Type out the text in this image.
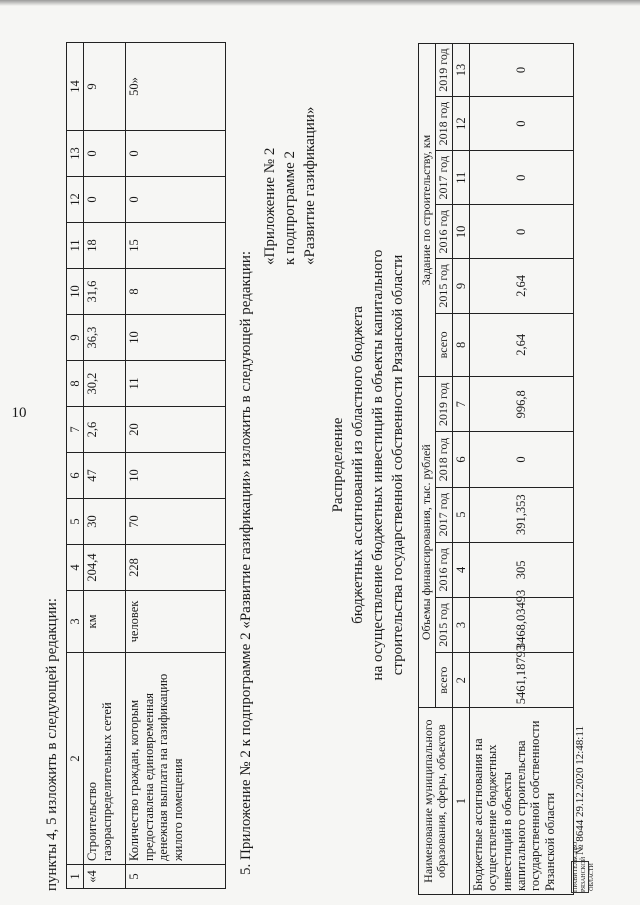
10
пункты 4, 5 изложить в следующей редакции: 1	2	3	4	5	6	7	8	9	10	11	12	13	14
«4	Строительство газораспределительных сетей	км	204,4	30	47	2,6	30,2	36,3	31,6	18	0	0	9
5	Количество граждан, которым предоставлена единовременная денежная выплата на газификацию жилого помещения	человек	228	70	10	20	11	10	8	15	0	0	50»
5. Приложение № 2 к подпрограмме 2 «Развитие газификации» изложить в следующей редакции:
«Приложение № 2 к подпрограмме 2 «Развитие газификации»
Распределение бюджетных ассигнований из областного бюджета на осуществление бюджетных инвестиций в объекты капитального строительства государственной собственности Рязанской области
Наименование муниципального образования, сферы, объектов	Объемы финансирования, тыс. рублей						Задание по строительству, км					
	всего	2015 год	2016 год	2017 год	2018 год	2019 год	всего	2015 год	2016 год	2017 год	2018 год	2019 год
1	2	3	4	5	6	7	8	9	10	11	12	13
Бюджетные ассигнования на осуществление бюджетных инвестиций в объекты капитального строительства государственной собственности Рязанской области	5461,18793	3468,03493	305	391,353	0	996,8	2,64	2,64	0	0	0	0
ПРАВИТЕЛЬСТВО РЯЗАНСКОЙ ОБЛАСТИ
№ 8644 29.12.2020 12:48:11
